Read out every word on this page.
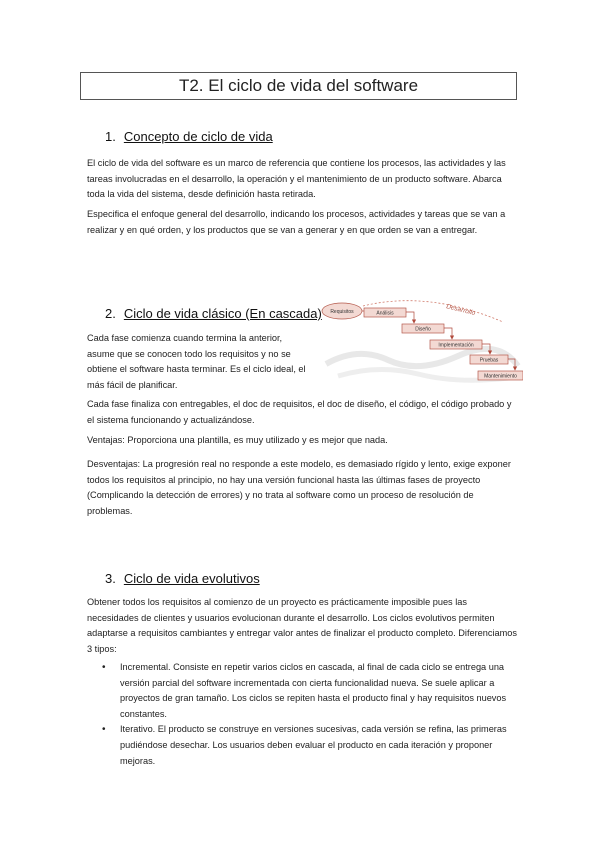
T2. El ciclo de vida del software
1. Concepto de ciclo de vida

El ciclo de vida del software es un marco de referencia que contiene los procesos, las actividades y las tareas involucradas en el desarrollo, la operación y el mantenimiento de un producto software. Abarca toda la vida del sistema, desde definición hasta retirada.

Especifica el enfoque general del desarrollo, indicando los procesos, actividades y tareas que se van a realizar y en qué orden, y los productos que se van a generar y en que orden se van a entregar.

2. Ciclo de vida clásico (En cascada)

Cada fase comienza cuando termina la anterior, asume que se conocen todo los requisitos y no se obtiene el software hasta terminar. Es el ciclo ideal, el más fácil de planificar.

Desarrollo
Requisitos	Análisis
Diseño
Implementación
Pruebas
Mantenimiento

Cada fase finaliza con entregables, el doc de requisitos, el doc de diseño, el código, el código probado y el sistema funcionando y actualizándose.

Ventajas: Proporciona una plantilla, es muy utilizado y es mejor que nada.

Desventajas: La progresión real no responde a este modelo, es demasiado rígido y lento, exige exponer todos los requisitos al principio, no hay una versión funcional hasta las últimas fases de proyecto (Complicando la detección de errores) y no trata al software como un proceso de resolución de problemas.

3. Ciclo de vida evolutivos

Obtener todos los requisitos al comienzo de un proyecto es prácticamente imposible pues las necesidades de clientes y usuarios evolucionan durante el desarrollo. Los ciclos evolutivos permiten adaptarse a requisitos cambiantes y entregar valor antes de finalizar el producto completo. Diferenciamos 3 tipos:

• Incremental. Consiste en repetir varios ciclos en cascada, al final de cada ciclo se entrega una versión parcial del software incrementada con cierta funcionalidad nueva. Se suele aplicar a proyectos de gran tamaño. Los ciclos se repiten hasta el producto final y hay requisitos nuevos constantes.
• Iterativo. El producto se construye en versiones sucesivas, cada versión se refina, las primeras pudiéndose desechar. Los usuarios deben evaluar el producto en cada iteración y proponer mejoras.
